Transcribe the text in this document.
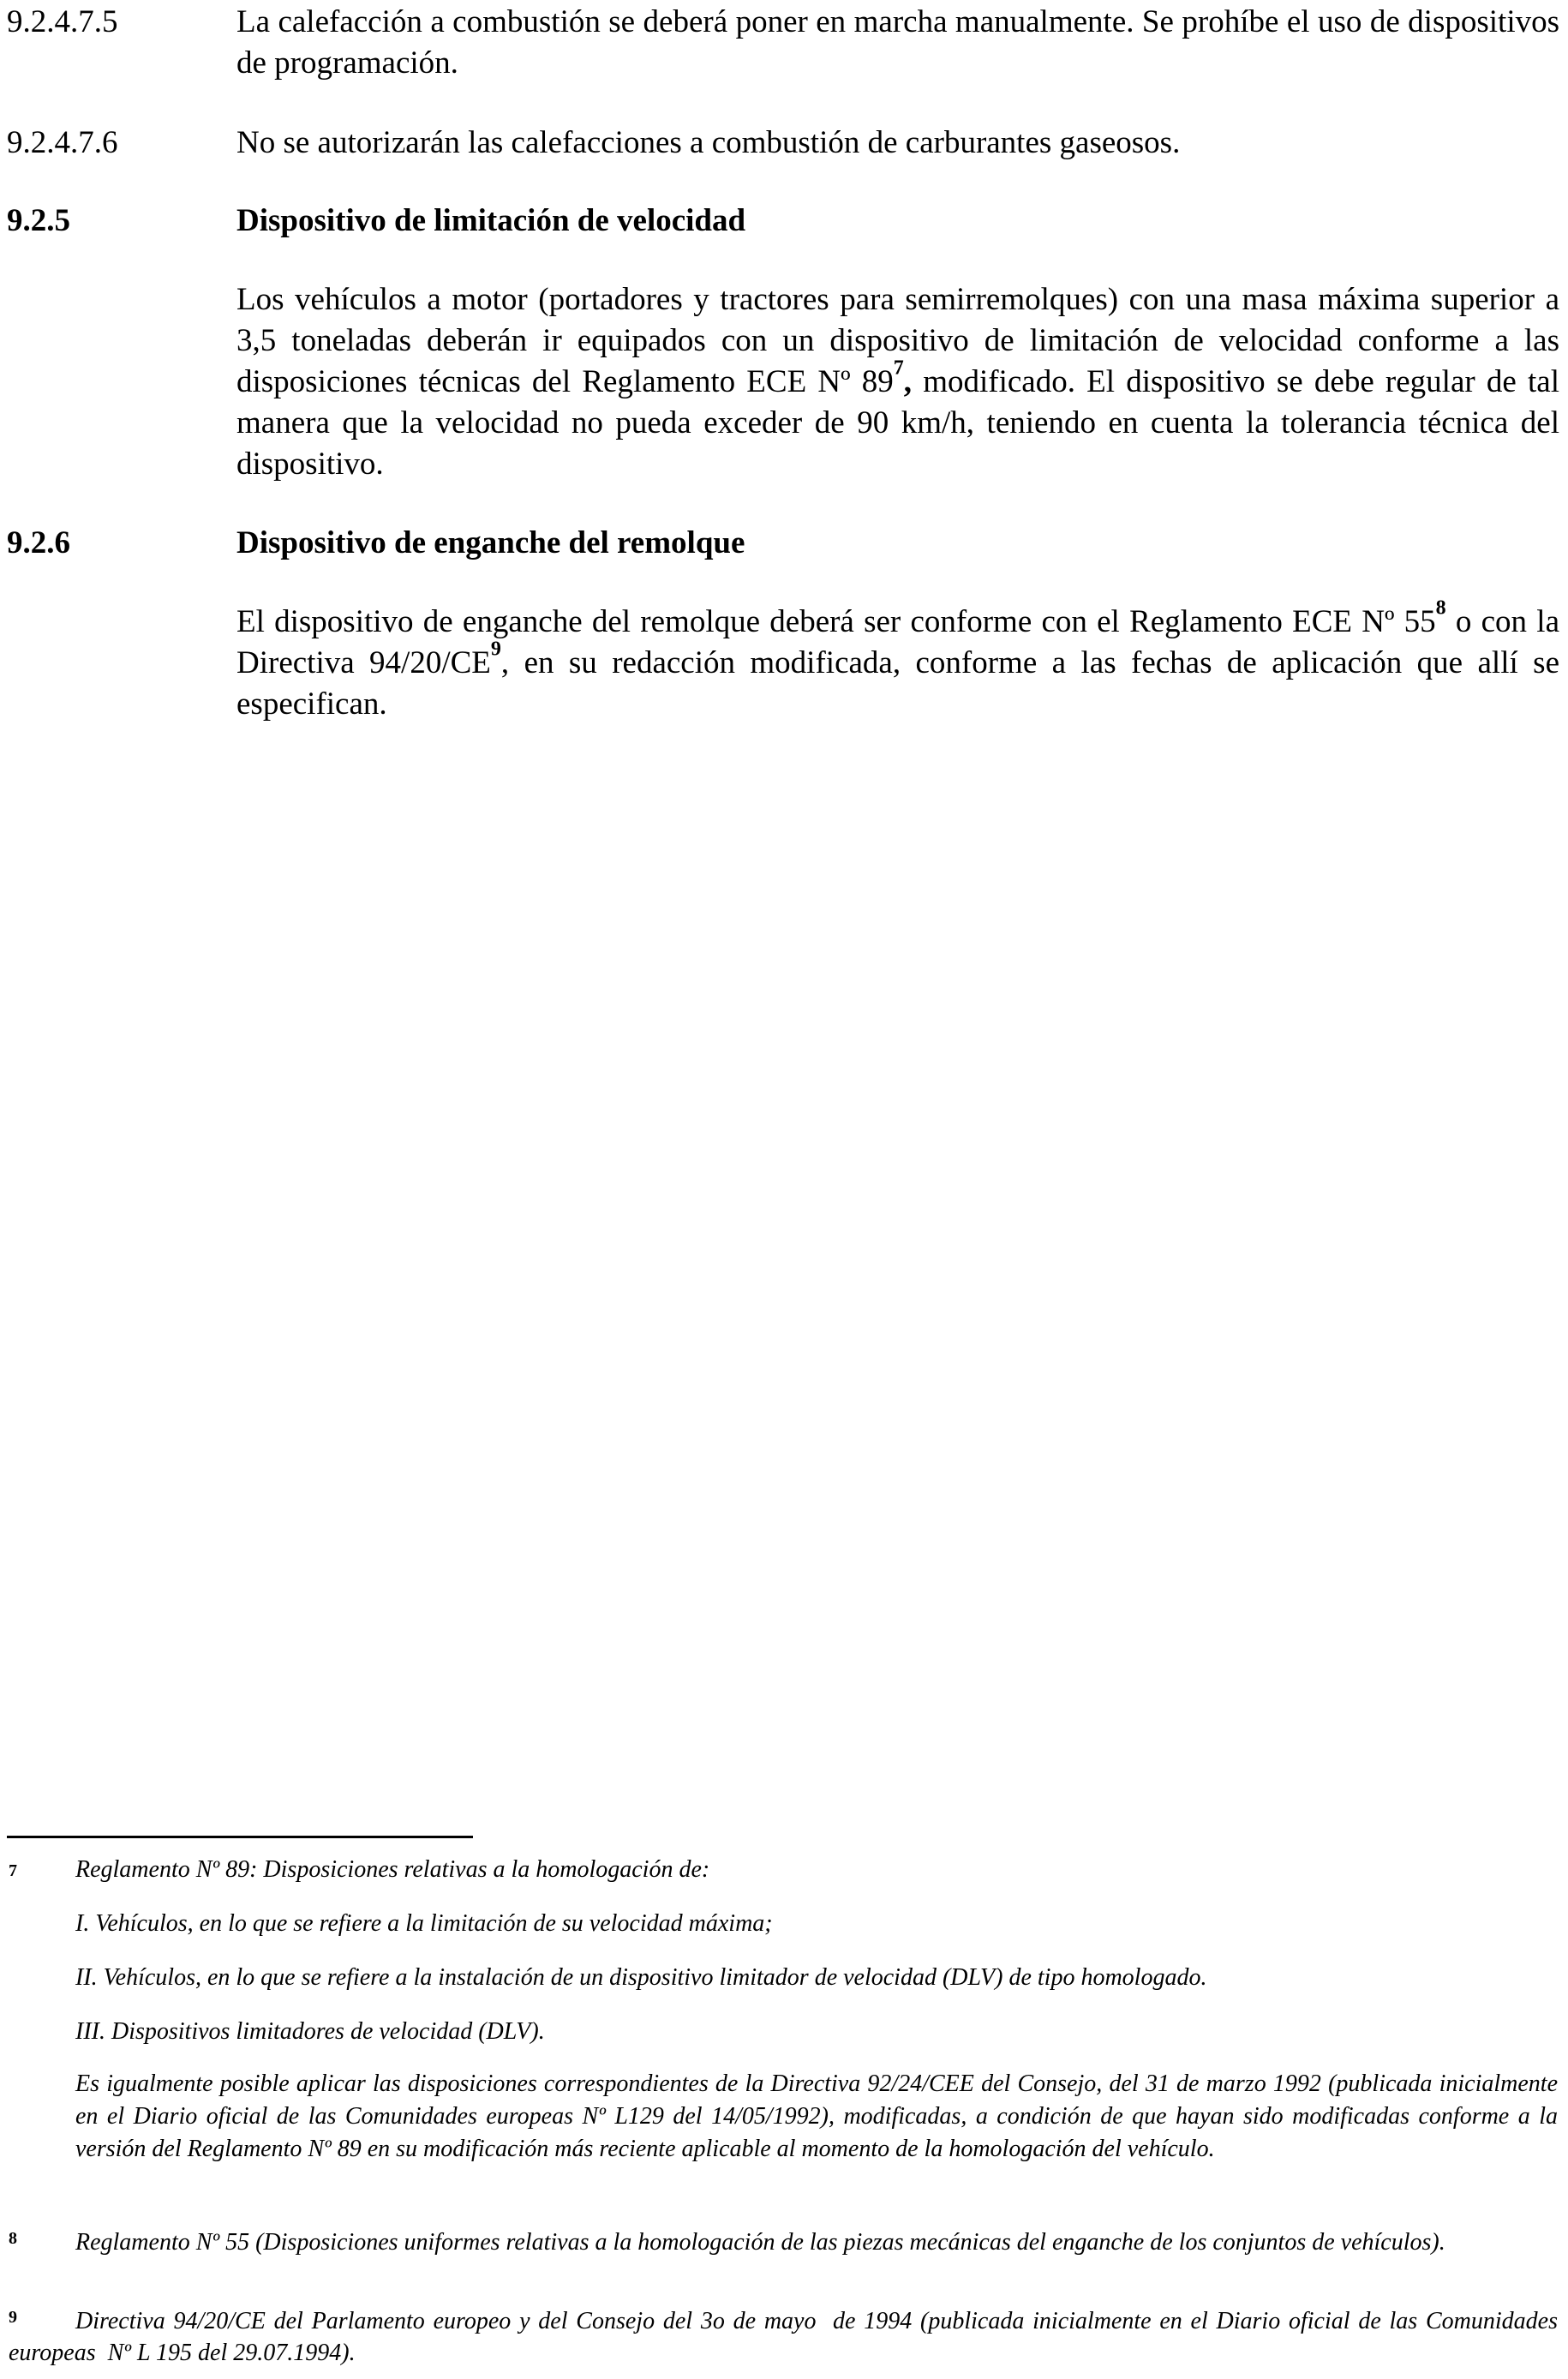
9.2.4.7.5	La calefacción a combustión se deberá poner en marcha manualmente. Se prohíbe el uso de dispositivos de programación.
9.2.4.7.6	No se autorizarán las calefacciones a combustión de carburantes gaseosos.
9.2.5	Dispositivo de limitación de velocidad
Los vehículos a motor (portadores y tractores para semirremolques) con una masa máxima superior a 3,5 toneladas deberán ir equipados con un dispositivo de limitación de velocidad conforme a las disposiciones técnicas del Reglamento ECE Nº 89$^7$, modificado. El dispositivo se debe regular de tal manera que la velocidad no pueda exceder de 90 km/h, teniendo en cuenta la tolerancia técnica del dispositivo.
9.2.6	Dispositivo de enganche del remolque
El dispositivo de enganche del remolque deberá ser conforme con el Reglamento ECE Nº 55$^8$ o con la Directiva 94/20/CE$^9$, en su redacción modificada, conforme a las fechas de aplicación que allí se especifican.
7 Reglamento Nº 89: Disposiciones relativas a la homologación de:
I. Vehículos, en lo que se refiere a la limitación de su velocidad máxima;
II. Vehículos, en lo que se refiere a la instalación de un dispositivo limitador de velocidad (DLV) de tipo homologado.
III. Dispositivos limitadores de velocidad (DLV).
Es igualmente posible aplicar las disposiciones correspondientes de la Directiva 92/24/CEE del Consejo, del 31 de marzo 1992 (publicada inicialmente en el Diario oficial de las Comunidades europeas Nº L129 del 14/05/1992), modificadas, a condición de que hayan sido modificadas conforme a la versión del Reglamento Nº 89 en su modificación más reciente aplicable al momento de la homologación del vehículo.
8	Reglamento Nº 55 (Disposiciones uniformes relativas a la homologación de las piezas mecánicas del enganche de los conjuntos de vehículos).
9	Directiva 94/20/CE del Parlamento europeo y del Consejo del 3o de mayo  de 1994 (publicada inicialmente en el Diario oficial de las Comunidades europeas  Nº L 195 del 29.07.1994).
